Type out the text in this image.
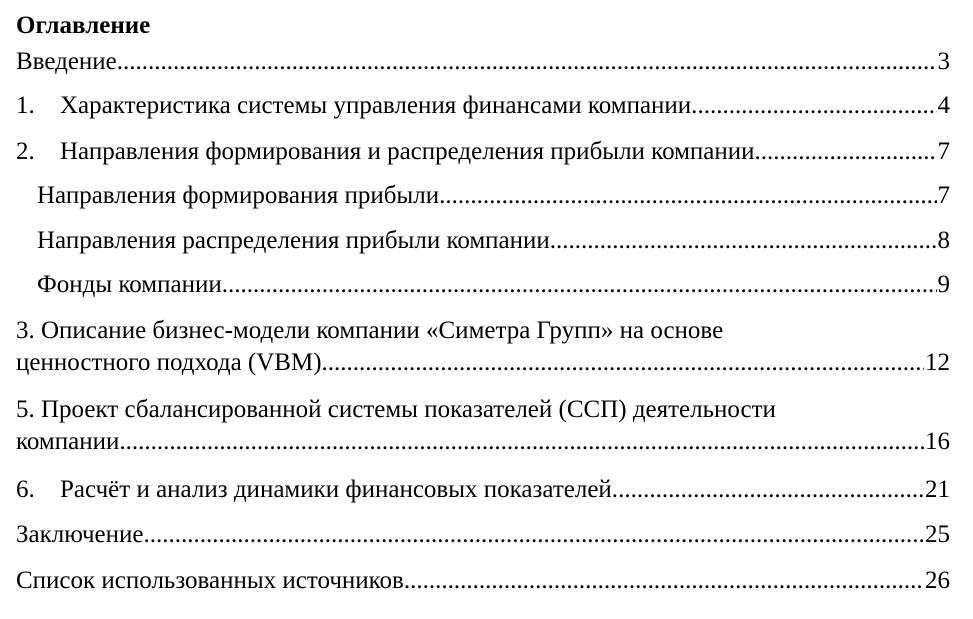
Оглавление
Введение .....	3
1.	Характеристика системы управления финансами компании. .....	4
2.	Направления формирования и распределения прибыли компании .....	7
Направления формирования прибыли .....	7
Направления распределения прибыли компании .....	8
Фонды компании .....	9
3. Описание бизнес-модели компании «Симетра Групп» на основе
ценностного подхода (VBM) .....	12
5. Проект сбалансированной системы показателей (ССП) деятельности
компании. .....	16
6.	Расчёт и анализ динамики финансовых показателей. .....	21
Заключение .....	25
Список использованных источников .....	26
